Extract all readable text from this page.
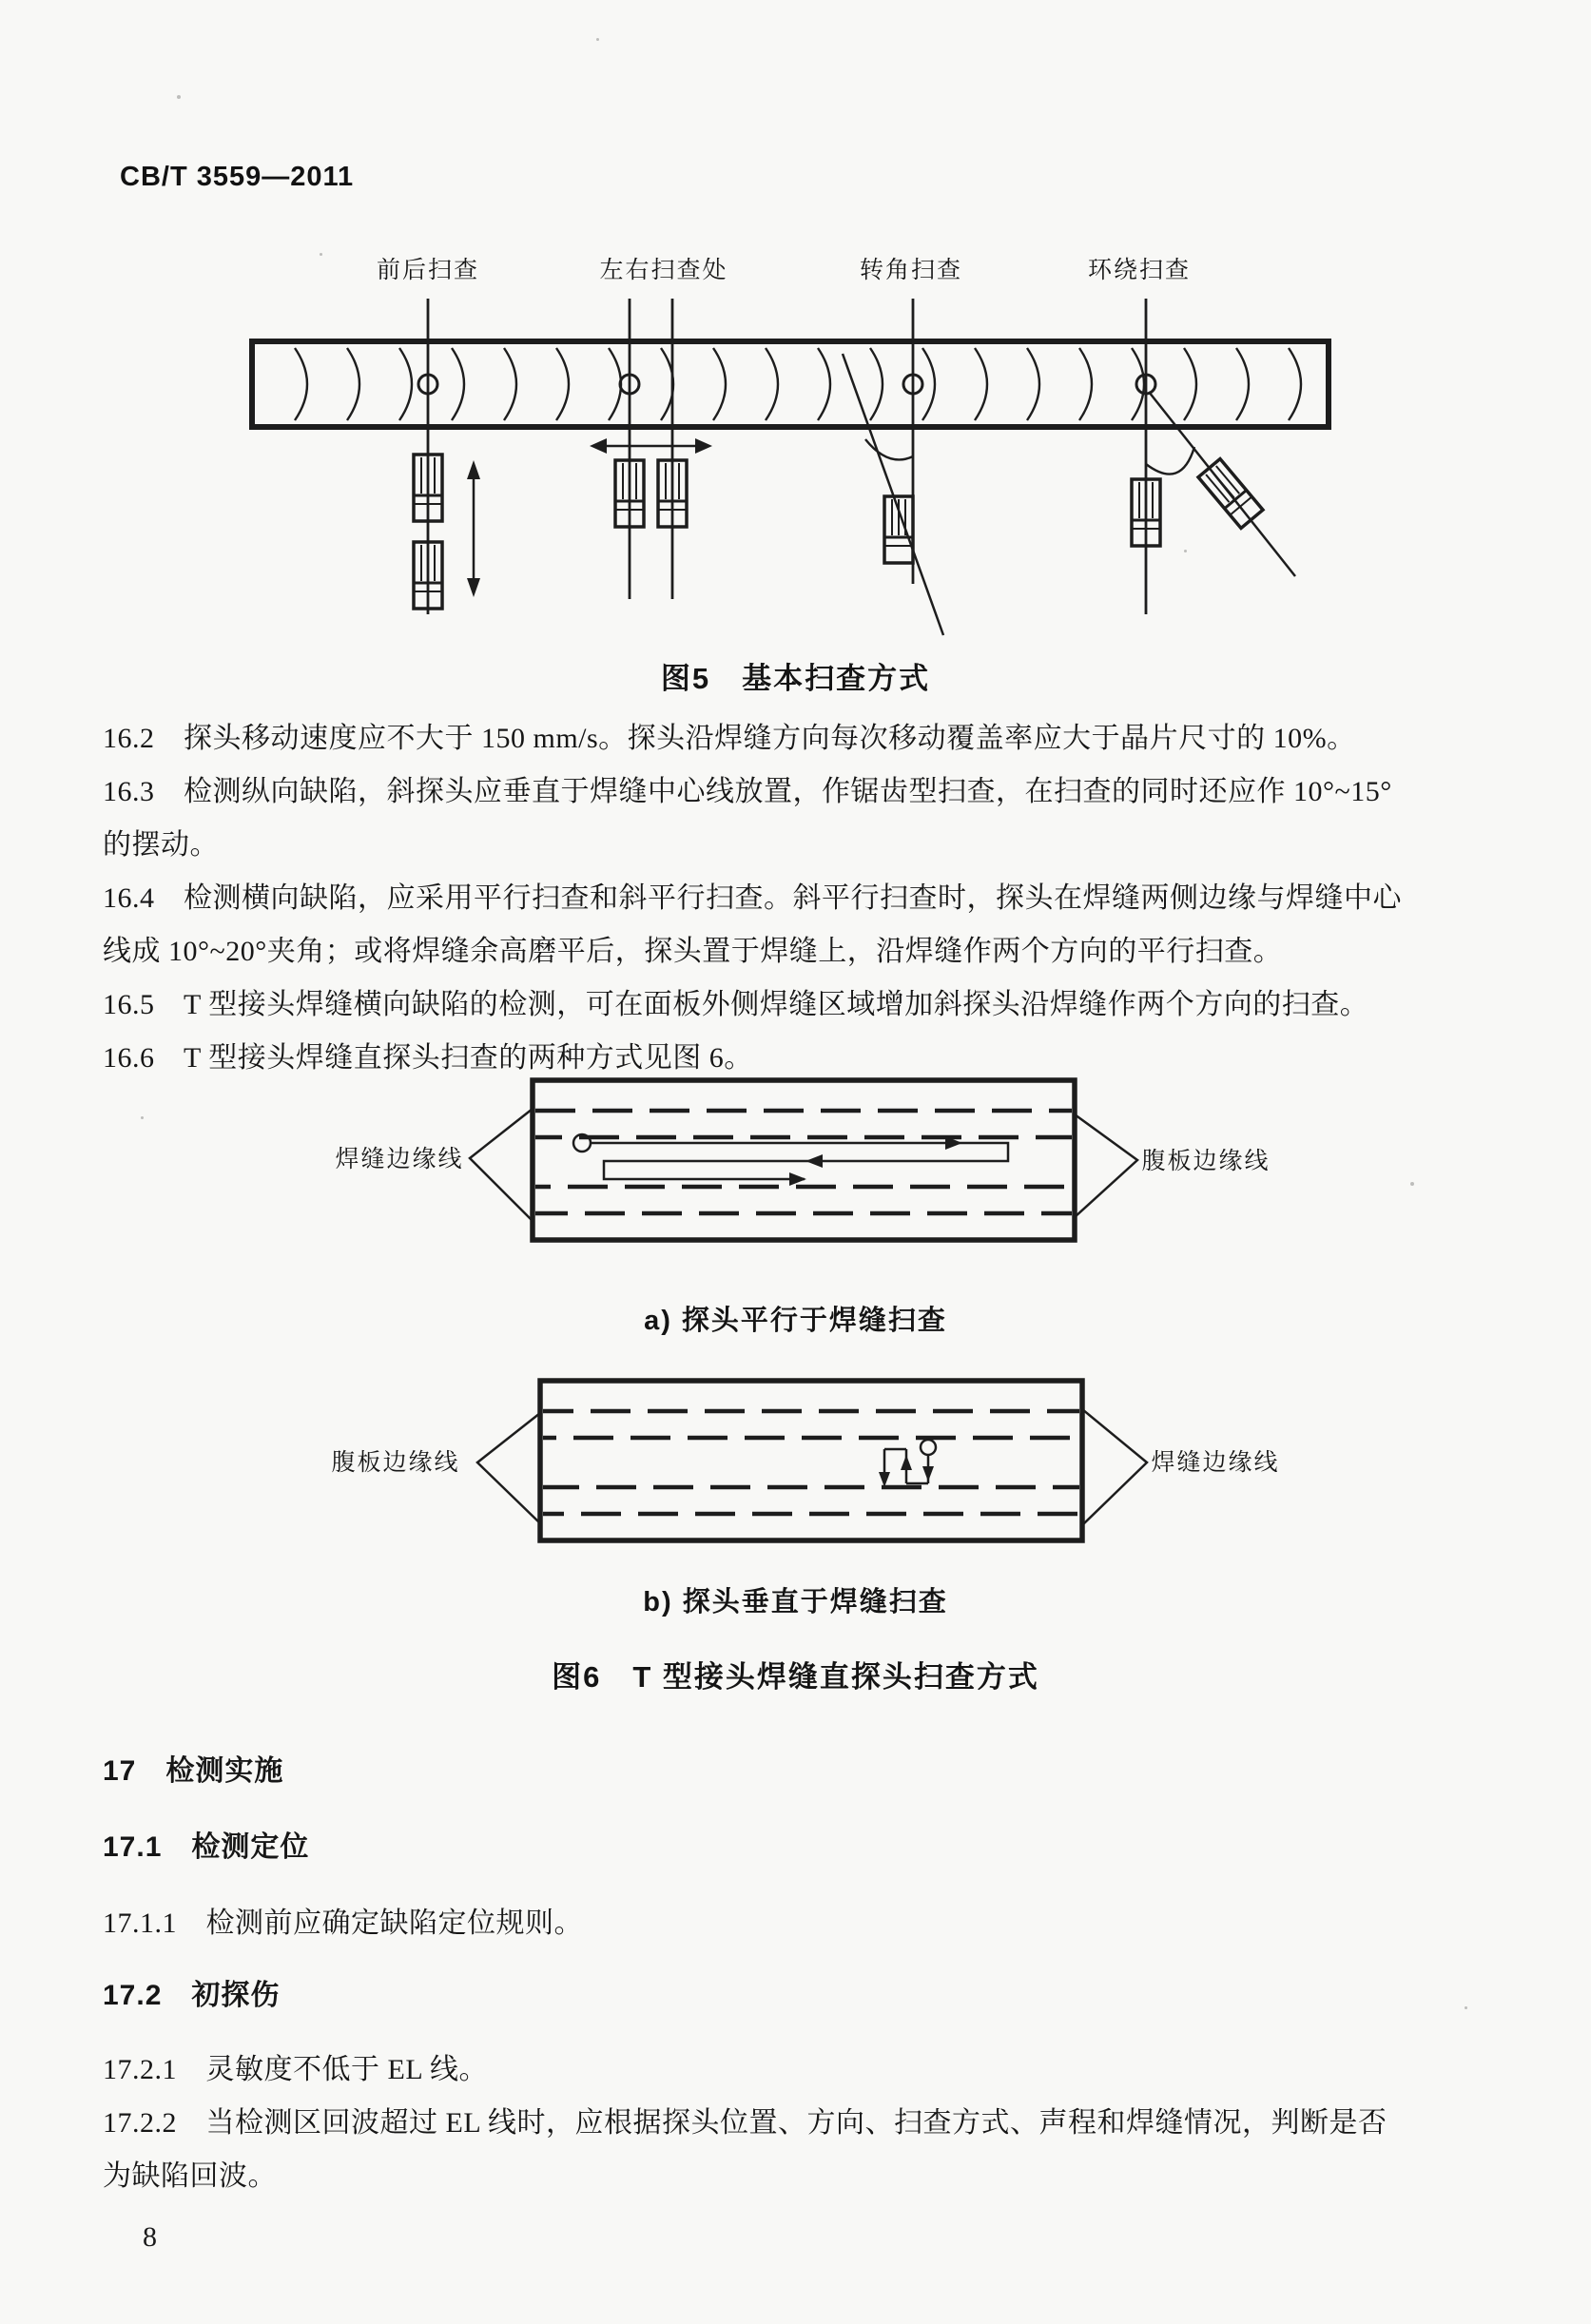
CB/T 3559—2011
前后扫查	左右扫查处	转角扫查	环绕扫查
图5　基本扫查方式
16.2　探头移动速度应不大于 150 mm/s。探头沿焊缝方向每次移动覆盖率应大于晶片尺寸的 10%。
16.3　检测纵向缺陷，斜探头应垂直于焊缝中心线放置，作锯齿型扫查，在扫查的同时还应作 10°~15°
的摆动。
16.4　检测横向缺陷，应采用平行扫查和斜平行扫查。斜平行扫查时，探头在焊缝两侧边缘与焊缝中心
线成 10°~20°夹角；或将焊缝余高磨平后，探头置于焊缝上，沿焊缝作两个方向的平行扫查。
16.5　T 型接头焊缝横向缺陷的检测，可在面板外侧焊缝区域增加斜探头沿焊缝作两个方向的扫查。
16.6　T 型接头焊缝直探头扫查的两种方式见图 6。
焊缝边缘线	腹板边缘线
a) 探头平行于焊缝扫查
腹板边缘线	焊缝边缘线
b) 探头垂直于焊缝扫查
图6　T 型接头焊缝直探头扫查方式
17　检测实施
17.1　检测定位
17.1.1　检测前应确定缺陷定位规则。
17.2　初探伤
17.2.1　灵敏度不低于 EL 线。
17.2.2　当检测区回波超过 EL 线时，应根据探头位置、方向、扫查方式、声程和焊缝情况，判断是否
为缺陷回波。
8
